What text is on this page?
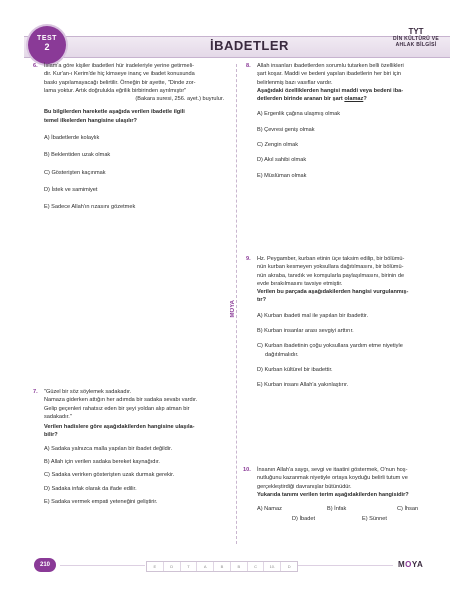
TEST
2	İBADETLER
TYT
DİN KÜLTÜRÜ VE
AHLAK BİLGİSİ
MOYA
6. İslam'a göre kişiler ibadetleri hür iradeleriyle yerine getirmeli-

dir. Kur'an-ı Kerim'de hiç kimseye inanç ve ibadet konusunda

baskı yapılamayacağı belirtilir. Örneğin bir ayette, "Dinde zor-

lama yoktur. Artık doğrulukla eğrilik birbirinden ayrılmıştır"

(Bakara suresi, 256. ayet.) buyrulur.

Bu bilgilerden hareketle aşağıda verilen ibadetle ilgili

temel ilkelerden hangisine ulaşılır?

A) İbadetlerde kolaylık

B) Beklentiden uzak olmak

C) Gösterişten kaçınmak

D) İstek ve samimiyet

E) Sadece Allah'ın rızasını gözetmek

7. "Güzel bir söz söylemek sadakadır.

Namaza giderken attığın her adımda bir sadaka sevabı vardır.

Gelip geçenleri rahatsız eden bir şeyi yoldan alıp atman bir

sadakadır."

Verilen hadislere göre aşağıdakilerden hangisine ulaşıla-

bilir?

A) Sadaka yalnızca malla yapılan bir ibadet değildir.

B) Allah için verilen sadaka bereket kaynağıdır.

C) Sadaka verirken gösterişten uzak durmak gerekir.

D) Sadaka infak olarak da ifade edilir.

E) Sadaka vermek empati yeteneğini geliştirir.

8. Allah insanları ibadetlerden sorumlu tutarken belli özellikleri

şart koşar. Maddi ve bedeni yapılan ibadetlerin her biri için

belirlenmiş bazı vasıflar vardır.

Aşağıdaki özelliklerden hangisi maddi veya bedeni iba-

detlerden birinde aranan bir şart olamaz?

A) Ergenlik çağına ulaşmış olmak

B) Çevresi geniş olmak

C) Zengin olmak

D) Akıl sahibi olmak

E) Müslüman olmak

9. Hz. Peygamber, kurban etinin üçe taksim edilip, bir bölümü-

nün kurban kesmeyen yoksullara dağıtılmasını, bir bölümü-

nün akraba, tanıdık ve komşularla paylaşılmasını, birinin de

evde bırakılmasını tavsiye etmiştir.

Verilen bu parçada aşağıdakilerden hangisi vurgulanmış-

tır?

A) Kurban ibadeti mal ile yapılan bir ibadettir.

B) Kurban insanlar arası sevgiyi arttırır.

C) Kurban ibadetinin çoğu yoksullara yardım etme niyetiyle

dağıtılmalıdır.

D) Kurban kültürel bir ibadettir.

E) Kurban insanı Allah'a yakınlaştırır.

10. İnsanın Allah'a saygı, sevgi ve itaatini göstermek, O'nun hoş-

nutluğunu kazanmak niyetiyle ortaya koyduğu belirli tutum ve

gerçekleştirdiği davranışlar bütünüdür.

Yukarıda tanımı verilen terim aşağıdakilerden hangisidir?

A) Namaz	B) İnfak	C) İhsan
D) İbadet	E) Sünnet
210	E	D	T	A	B	B	C	10.	D	MOYA
